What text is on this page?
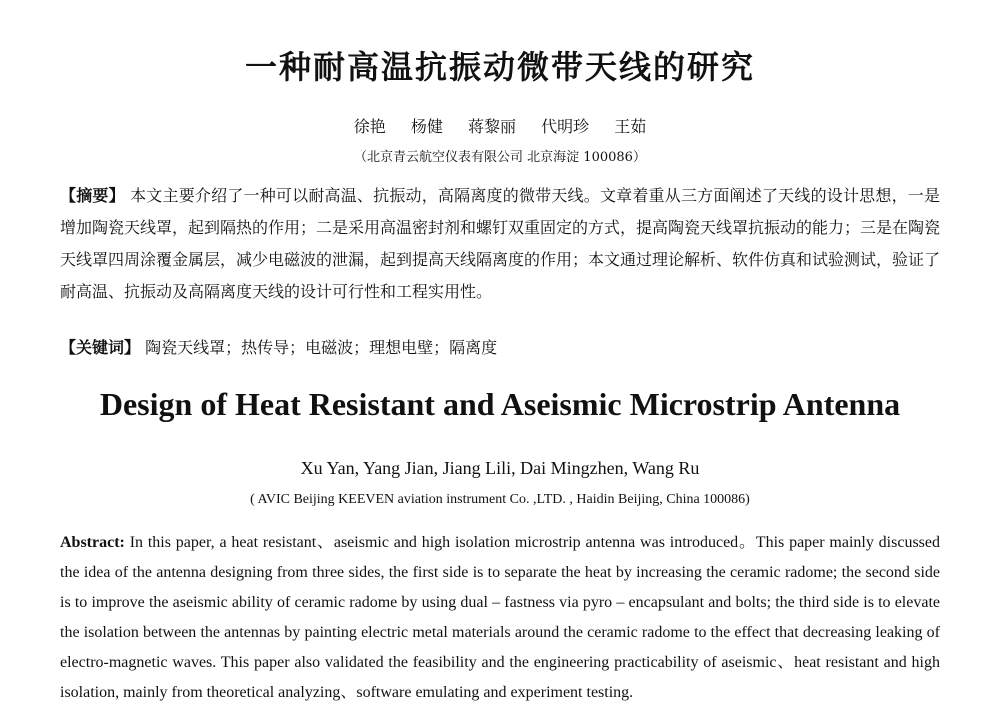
一种耐高温抗振动微带天线的研究
徐艳 杨健 蒋黎丽 代明珍 王茹
（北京青云航空仪表有限公司 北京海淀 100086）

【摘要】 本文主要介绍了一种可以耐高温、抗振动，高隔离度的微带天线。文章着重从三方面阐述了天线的设计思想，一是增加陶瓷天线罩，起到隔热的作用；二是采用高温密封剂和螺钉双重固定的方式，提高陶瓷天线罩抗振动的能力；三是在陶瓷天线罩四周涂覆金属层，减少电磁波的泄漏，起到提高天线隔离度的作用；本文通过理论解析、软件仿真和试验测试，验证了耐高温、抗振动及高隔离度天线的设计可行性和工程实用性。

【关键词】 陶瓷天线罩；热传导；电磁波；理想电壁；隔离度
Design of Heat Resistant and Aseismic Microstrip Antenna
Xu Yan, Yang Jian, Jiang Lili, Dai Mingzhen, Wang Ru
( AVIC Beijing KEEVEN aviation instrument Co. ,LTD. , Haidin Beijing, China 100086)

Abstract: In this paper, a heat resistant、aseismic and high isolation microstrip antenna was introduced。This paper mainly discussed the idea of the antenna designing from three sides, the first side is to separate the heat by increasing the ceramic radome; the second side is to improve the aseismic ability of ceramic radome by using dual – fastness via pyro – encapsulant and bolts; the third side is to elevate the isolation between the antennas by painting electric metal materials around the ceramic radome to the effect that decreasing leaking of electro-magnetic waves. This paper also validated the feasibility and the engineering practicability of aseismic、heat resistant and high isolation, mainly from theoretical analyzing、software emulating and experiment testing.
